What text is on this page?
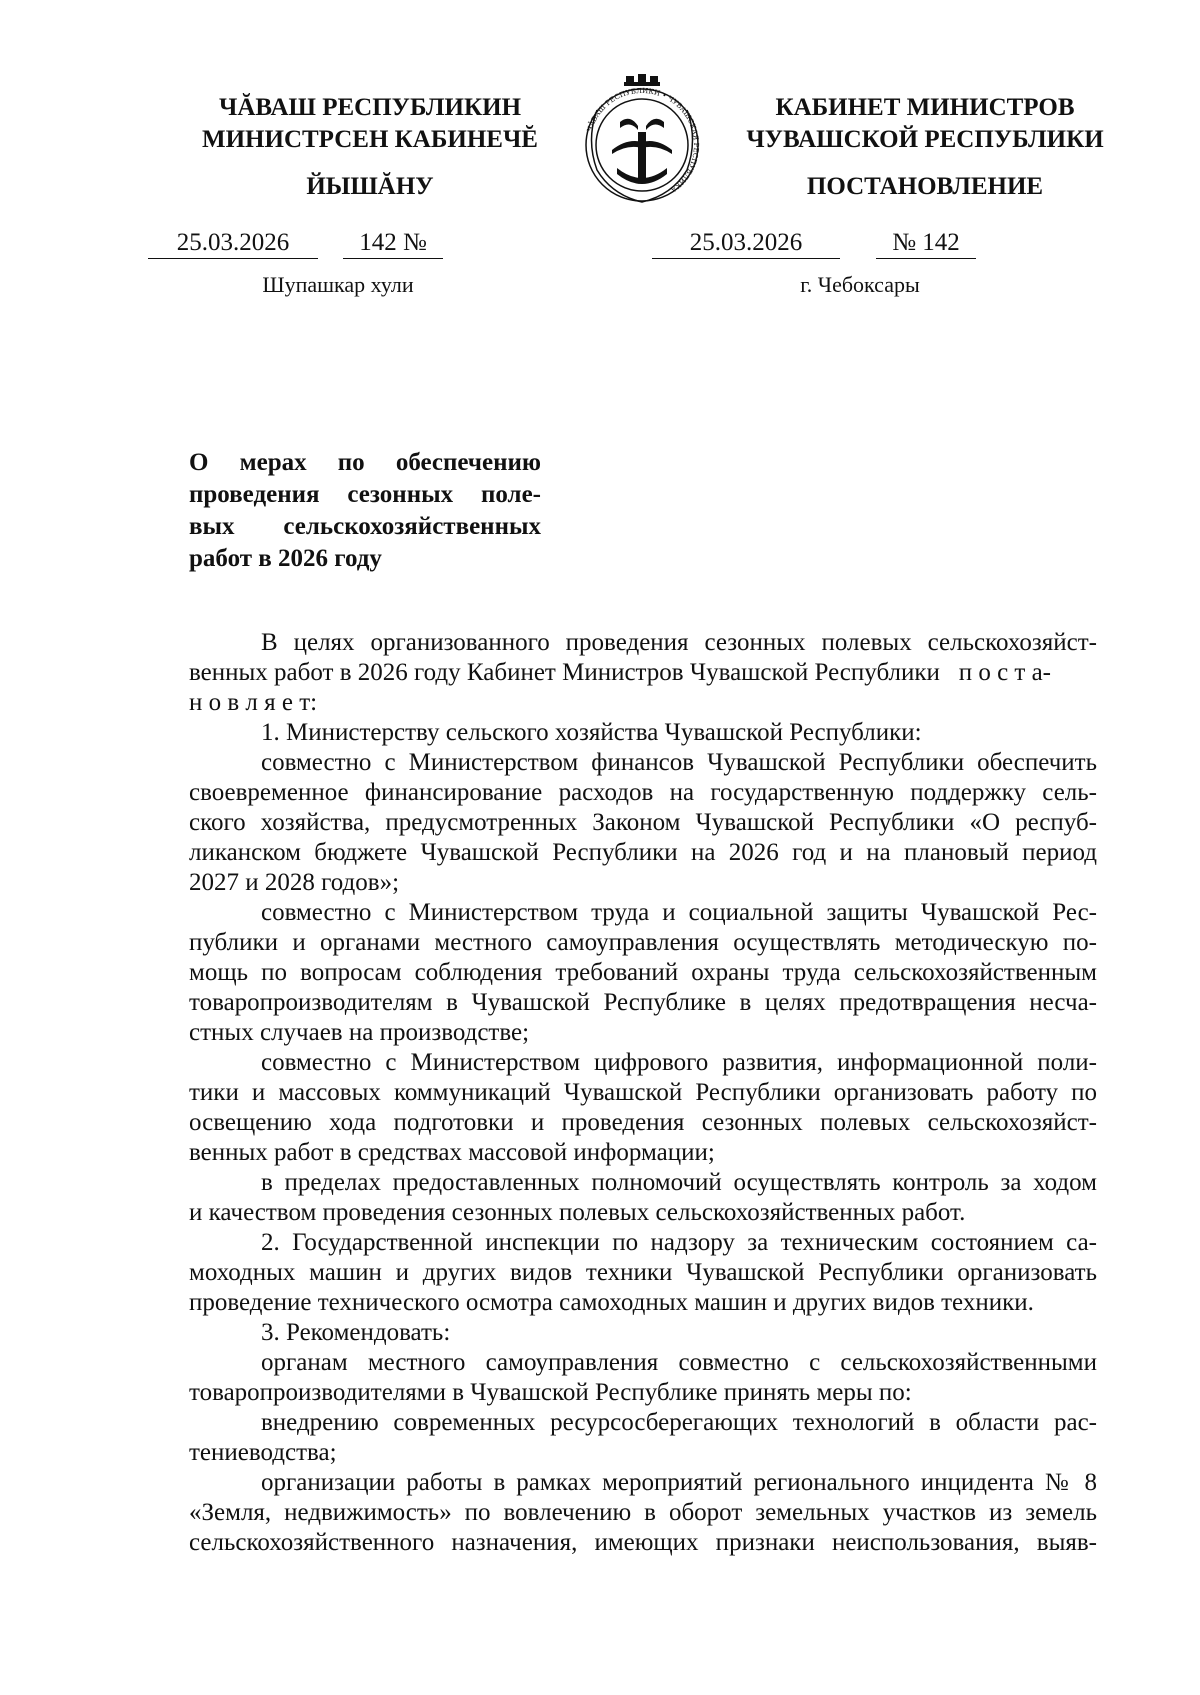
ЧĂВАШ РЕСПУБЛИКИН
МИНИСТРСЕН КАБИНЕЧĔ
ЙЫШĂНУ
ЧĂВАШ РЕСПУБЛИКИ • ЧУВАШСКАЯ РЕСПУБЛИКА
КАБИНЕТ МИНИСТРОВ
ЧУВАШСКОЙ РЕСПУБЛИКИ
ПОСТАНОВЛЕНИЕ
25.03.2026	142 №	25.03.2026	№ 142
Шупашкар хули	г. Чебоксары
О мерах по обеспечению
проведения сезонных поле-
вых сельскохозяйственных
работ в 2026 году
В целях организованного проведения сезонных полевых сельскохозяйст-
венных работ в 2026 году Кабинет Министров Чувашской Республики п о с т а-
н о в л я е т:
1. Министерству сельского хозяйства Чувашской Республики:
совместно с Министерством финансов Чувашской Республики обеспечить
своевременное финансирование расходов на государственную поддержку сель-
ского хозяйства, предусмотренных Законом Чувашской Республики «О респуб-
ликанском бюджете Чувашской Республики на 2026 год и на плановый период
2027 и 2028 годов»;
совместно с Министерством труда и социальной защиты Чувашской Рес-
публики и органами местного самоуправления осуществлять методическую по-
мощь по вопросам соблюдения требований охраны труда сельскохозяйственным
товаропроизводителям в Чувашской Республике в целях предотвращения несча-
стных случаев на производстве;
совместно с Министерством цифрового развития, информационной поли-
тики и массовых коммуникаций Чувашской Республики организовать работу по
освещению хода подготовки и проведения сезонных полевых сельскохозяйст-
венных работ в средствах массовой информации;
в пределах предоставленных полномочий осуществлять контроль за ходом
и качеством проведения сезонных полевых сельскохозяйственных работ.
2. Государственной инспекции по надзору за техническим состоянием са-
моходных машин и других видов техники Чувашской Республики организовать
проведение технического осмотра самоходных машин и других видов техники.
3. Рекомендовать:
органам местного самоуправления совместно с сельскохозяйственными
товаропроизводителями в Чувашской Республике принять меры по:
внедрению современных ресурсосберегающих технологий в области рас-
тениеводства;
организации работы в рамках мероприятий регионального инцидента № 8
«Земля, недвижимость» по вовлечению в оборот земельных участков из земель
сельскохозяйственного назначения, имеющих признаки неиспользования, выяв-
